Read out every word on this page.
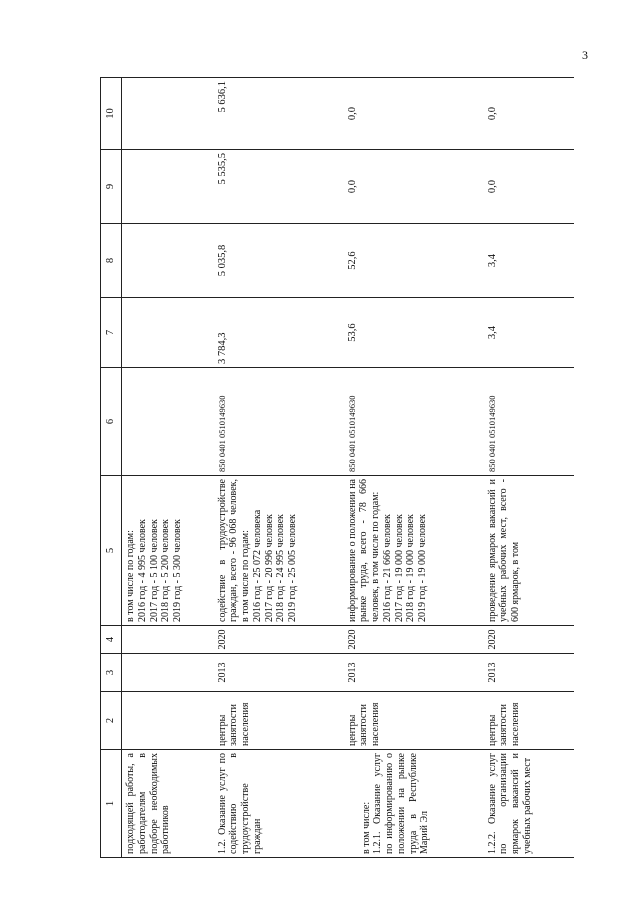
3
1	2	3	4	5	6	7	8	9	10
подходящей работы, а работодателям в подборе необходимых работников				в том числе по годам: 2016 год - 4 995 человек 2017 год - 5 100 человек 2018 год - 5 200 человек 2019 год - 5 300 человек					

1.2. Оказание услуг по содействию в трудоустройстве граждан	центры занятости населения	2013	2020	содействие в трудоустройстве граждан, всего - 96 068 человек, в том числе по годам: 2016 год - 25 072 человека 2017 год - 20 996 человек 2018 год - 24 995 человек 2019 год - 25 005 человек	850 0401 0510149630	3 784,3	5 035,8	5 535,5	5 636,1

в том числе: 1.2.1. Оказание услуг по информированию о положении на рынке труда в Республике Марий Эл	центры занятости населения	2013	2020	информирование о положении на рынке труда, всего - 78 666 человек, в том числе по годам: 2016 год - 21 666 человек 2017 год - 19 000 человек 2018 год - 19 000 человек 2019 год - 19 000 человек	850 0401 0510149630	53,6	52,6	0,0	0,0
1.2.2. Оказание услуг по организации ярмарок вакансий и учебных рабочих мест	центры занятости населения	2013	2020	проведение ярмарок вакансий и учебных рабочих мест, всего - 600 ярмарок, в том	850 0401 0510149630	3,4	3,4	0,0	0,0
